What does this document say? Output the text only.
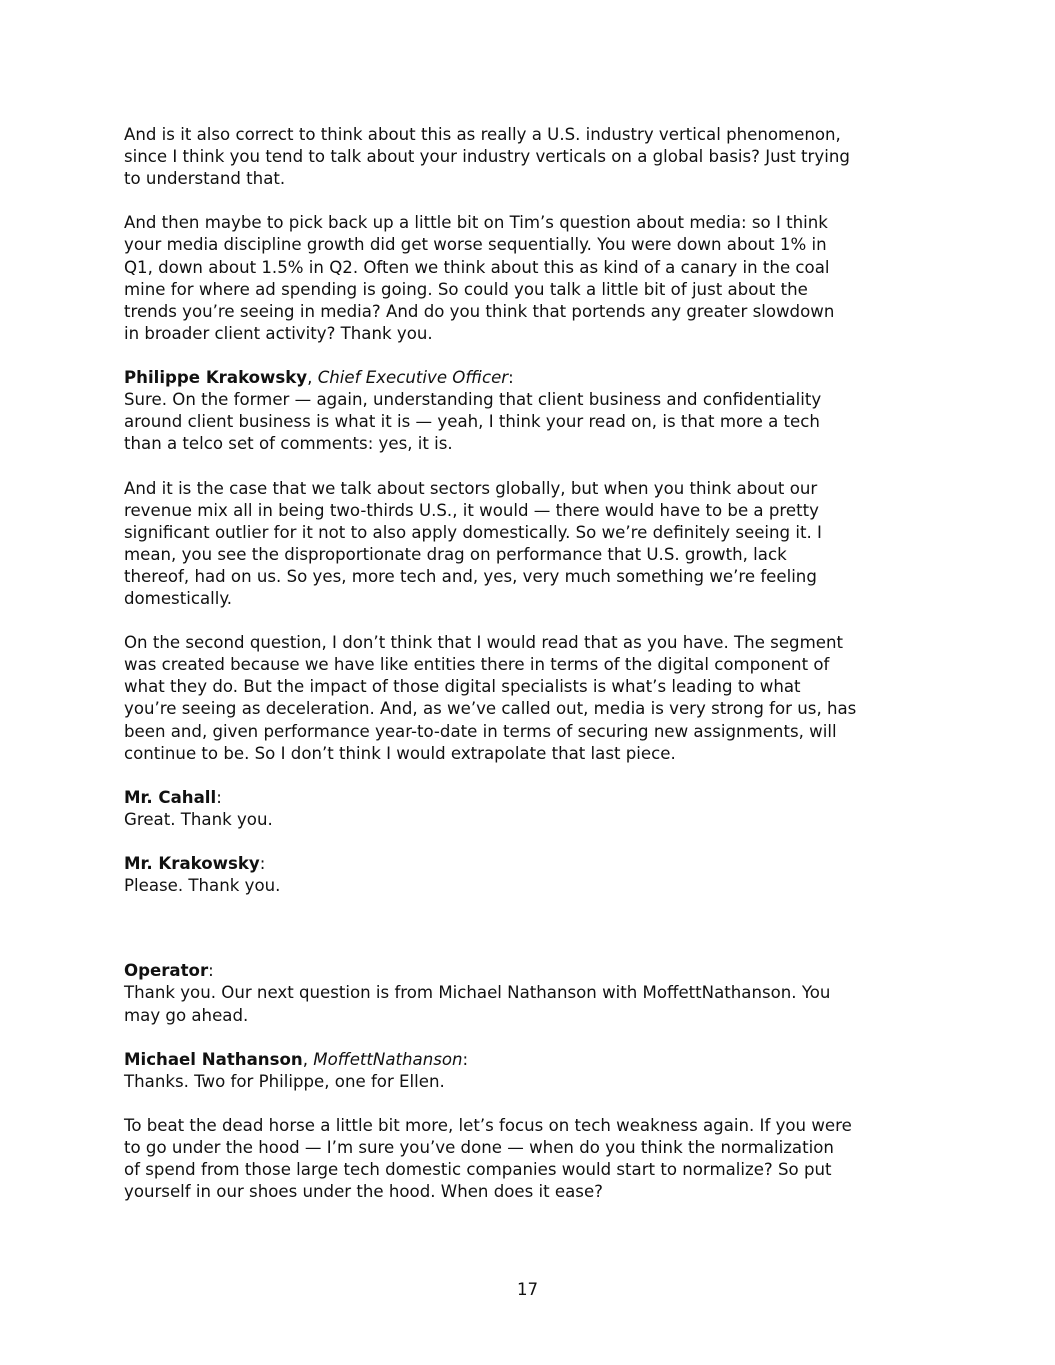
And is it also correct to think about this as really a U.S. industry vertical phenomenon,
since I think you tend to talk about your industry verticals on a global basis? Just trying
to understand that.
And then maybe to pick back up a little bit on Tim’s question about media: so I think
your media discipline growth did get worse sequentially. You were down about 1% in
Q1, down about 1.5% in Q2. Often we think about this as kind of a canary in the coal
mine for where ad spending is going. So could you talk a little bit of just about the
trends you’re seeing in media? And do you think that portends any greater slowdown
in broader client activity? Thank you.
Philippe Krakowsky, Chief Executive Officer:
Sure. On the former — again, understanding that client business and confidentiality
around client business is what it is — yeah, I think your read on, is that more a tech
than a telco set of comments: yes, it is.
And it is the case that we talk about sectors globally, but when you think about our
revenue mix all in being two-thirds U.S., it would — there would have to be a pretty
significant outlier for it not to also apply domestically. So we’re definitely seeing it. I
mean, you see the disproportionate drag on performance that U.S. growth, lack
thereof, had on us. So yes, more tech and, yes, very much something we’re feeling
domestically.
On the second question, I don’t think that I would read that as you have. The segment
was created because we have like entities there in terms of the digital component of
what they do. But the impact of those digital specialists is what’s leading to what
you’re seeing as deceleration. And, as we’ve called out, media is very strong for us, has
been and, given performance year-to-date in terms of securing new assignments, will
continue to be. So I don’t think I would extrapolate that last piece.
Mr. Cahall:
Great. Thank you.
Mr. Krakowsky:
Please. Thank you.
Operator:
Thank you. Our next question is from Michael Nathanson with MoffettNathanson. You
may go ahead.
Michael Nathanson, MoffettNathanson:
Thanks. Two for Philippe, one for Ellen.
To beat the dead horse a little bit more, let’s focus on tech weakness again. If you were
to go under the hood — I’m sure you’ve done — when do you think the normalization
of spend from those large tech domestic companies would start to normalize? So put
yourself in our shoes under the hood. When does it ease?
17
